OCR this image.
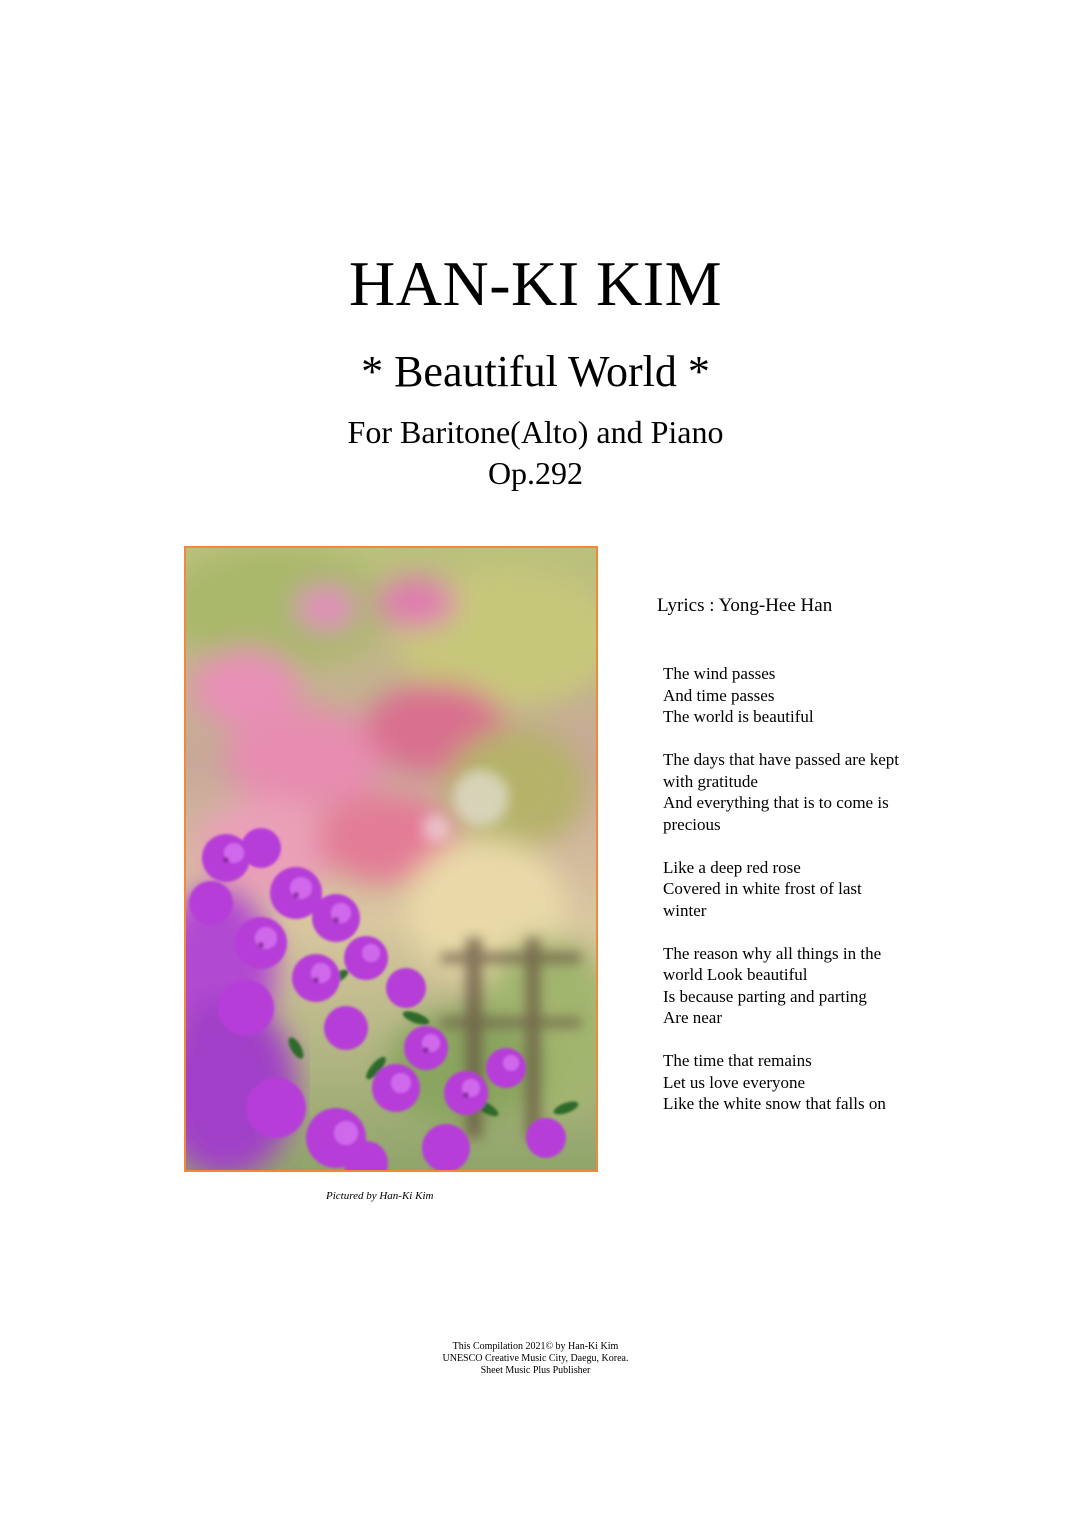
HAN-KI KIM
* Beautiful World *
For Baritone(Alto) and Piano
Op.292
Pictured by Han-Ki Kim
Lyrics : Yong-Hee Han
The wind passes
And time passes
The world is beautiful
The days that have passed are kept
with gratitude
And everything that is to come is
precious
Like a deep red rose
Covered in white frost of last
winter
The reason why all things in the
world Look beautiful
Is because parting and parting
Are near
The time that remains
Let us love everyone
Like the white snow that falls on
This Compilation 2021© by Han-Ki Kim
UNESCO Creative Music City, Daegu, Korea.
Sheet Music Plus Publisher
